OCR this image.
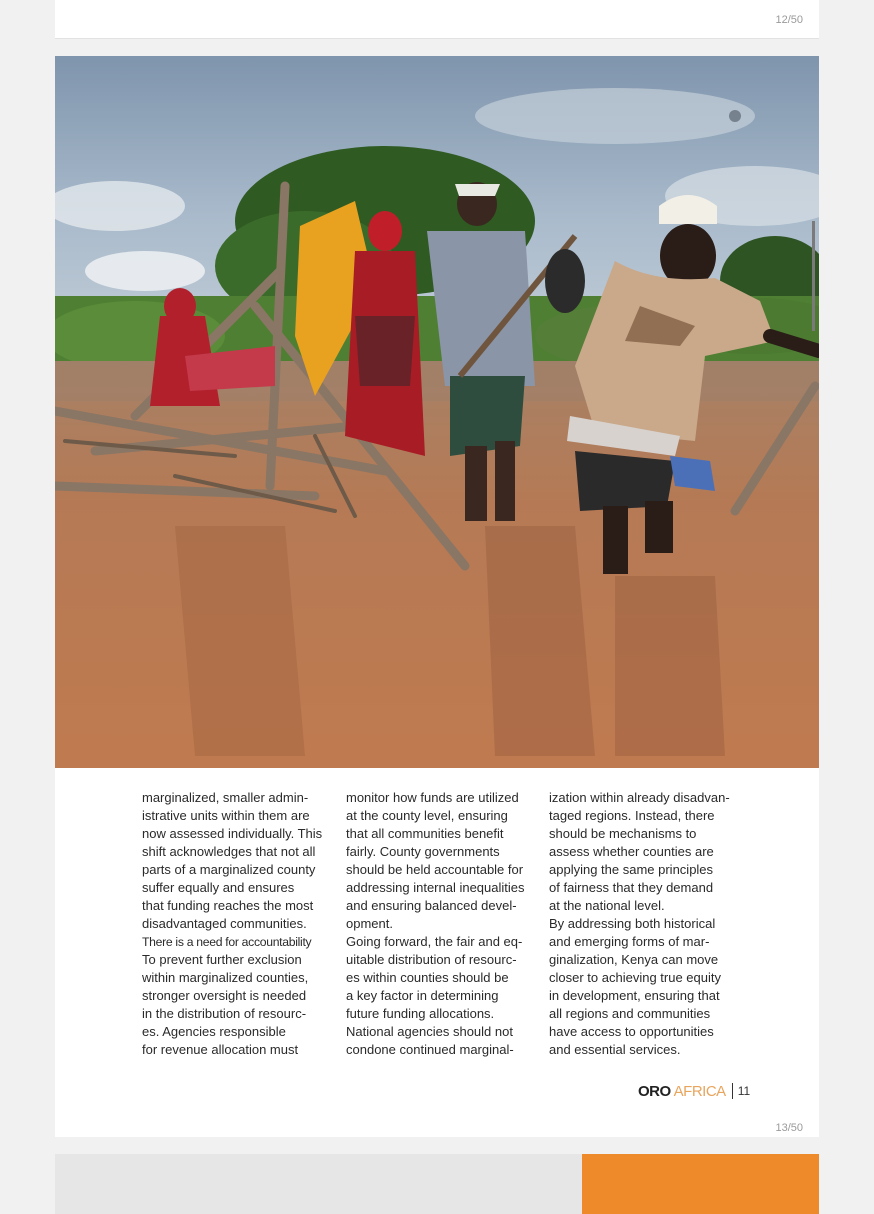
12/50

marginalized, smaller admin-
istrative units within them are
now assessed individually. This
shift acknowledges that not all
parts of a marginalized county
suffer equally and ensures
that funding reaches the most
disadvantaged communities.

There is a need for accountability

To prevent further exclusion
within marginalized counties,
stronger oversight is needed
in the distribution of resourc-
es. Agencies responsible
for revenue allocation must

monitor how funds are utilized
at the county level, ensuring
that all communities benefit
fairly. County governments
should be held accountable for
addressing internal inequalities
and ensuring balanced devel-
opment.

Going forward, the fair and eq-
uitable distribution of resourc-
es within counties should be
a key factor in determining
future funding allocations.
National agencies should not
condone continued marginal-

ization within already disadvan-
taged regions. Instead, there
should be mechanisms to
assess whether counties are
applying the same principles
of fairness that they demand
at the national level.

By addressing both historical
and emerging forms of mar-
ginalization, Kenya can move
closer to achieving true equity
in development, ensuring that
all regions and communities
have access to opportunities
and essential services.

ORO AFRICA 11
13/50
